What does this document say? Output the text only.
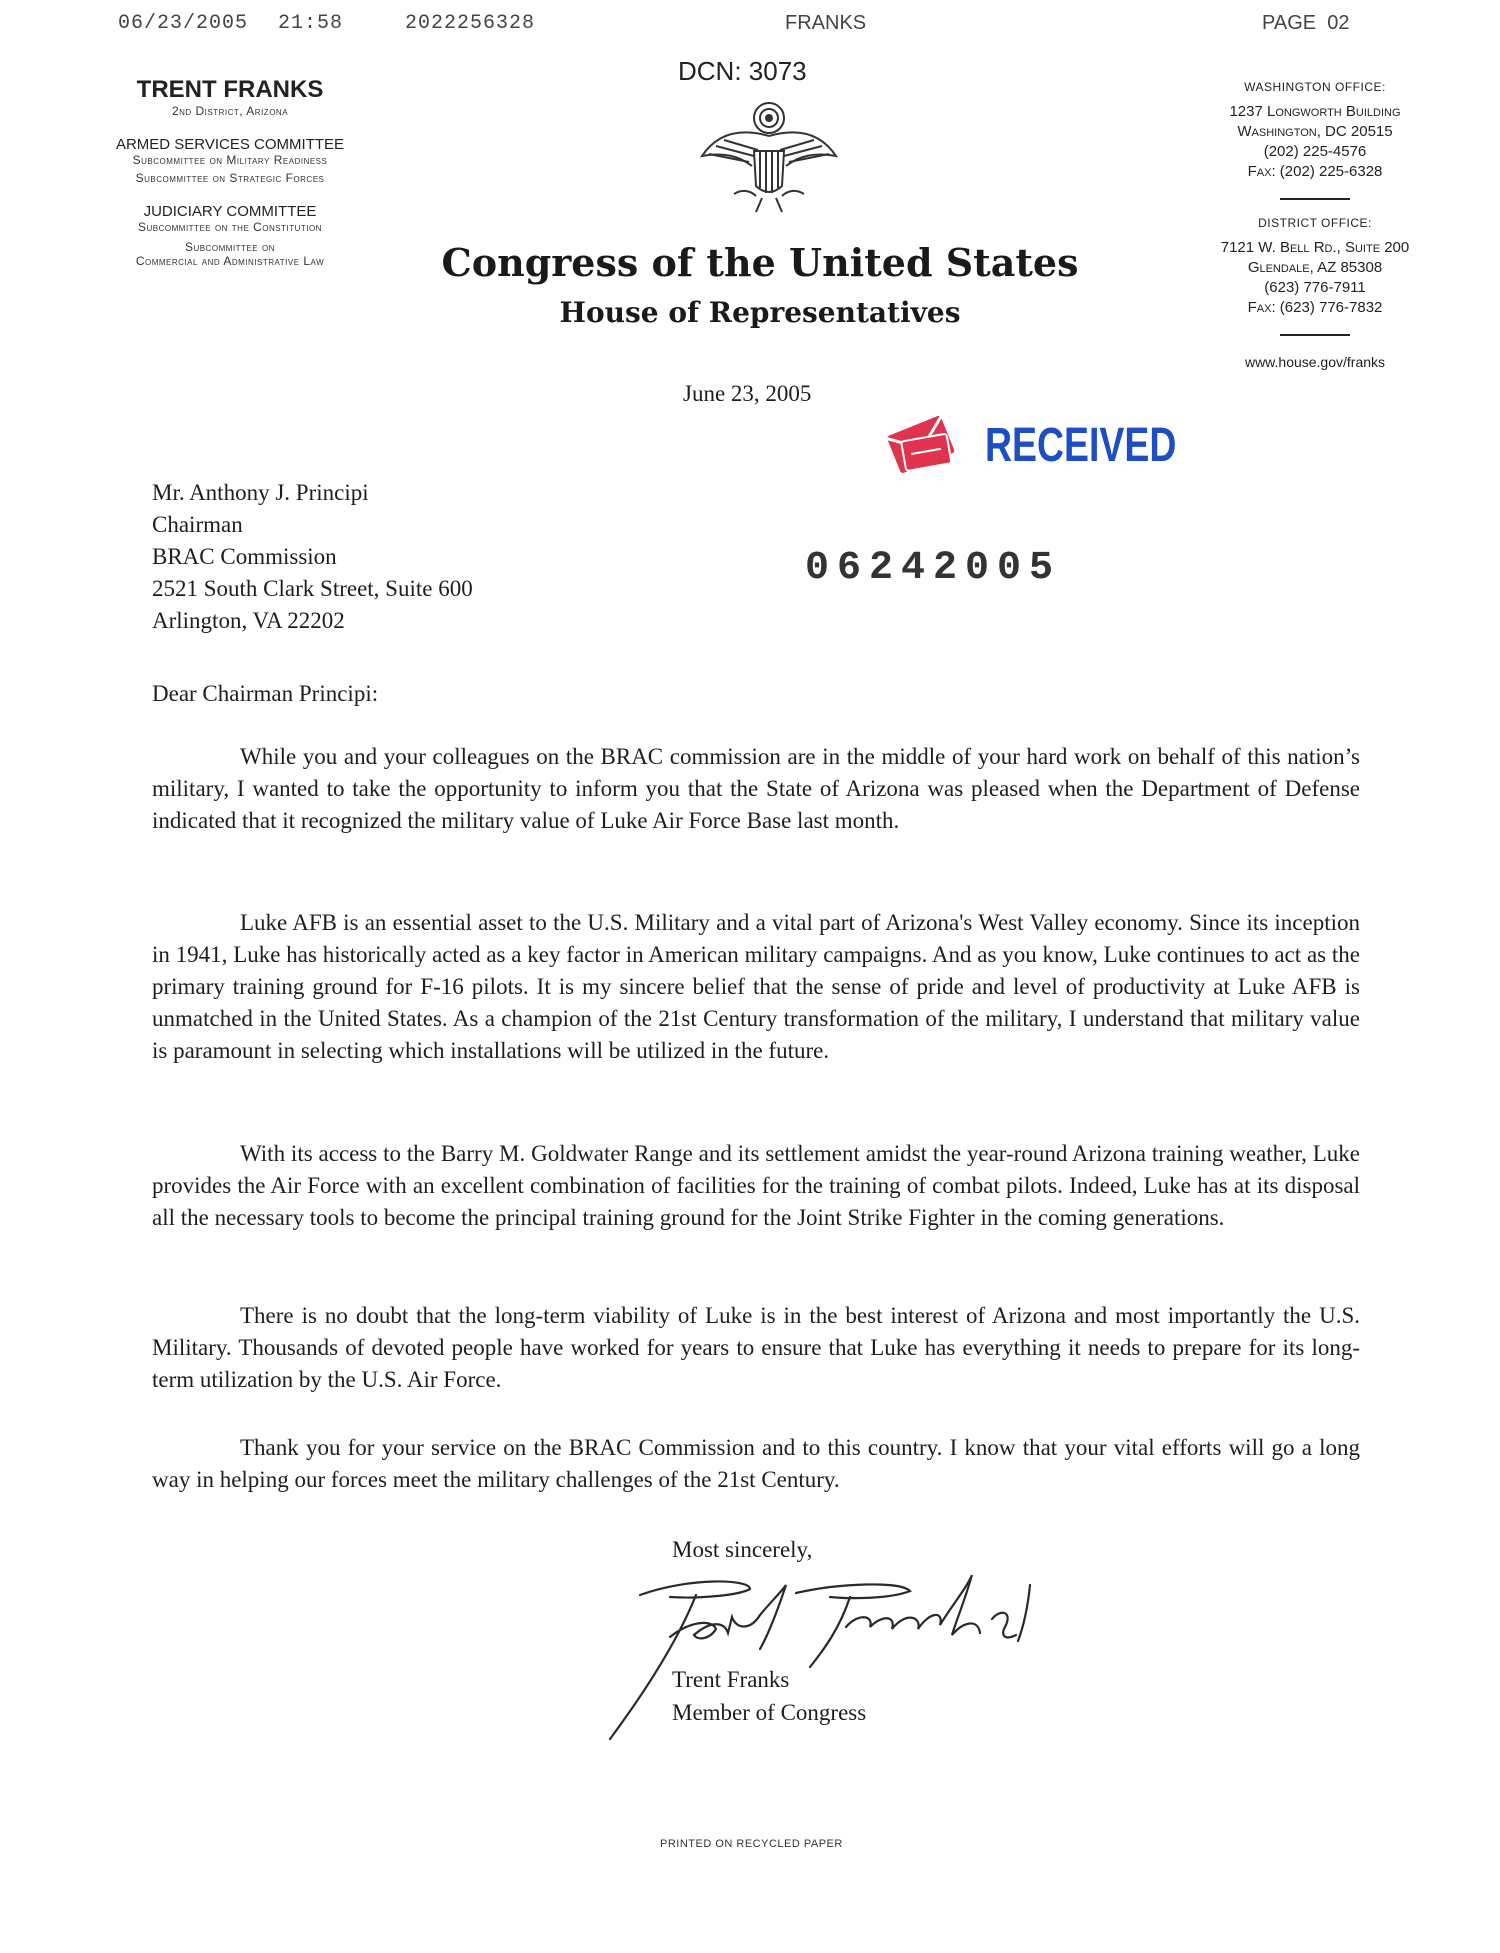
06/23/2005 21:58	2022256328	FRANKS	PAGE  02
DCN: 3073
TRENT FRANKS
2nd District, Arizona
ARMED SERVICES COMMITTEE
Subcommittee on Military Readiness
Subcommittee on Strategic Forces
JUDICIARY COMMITTEE
Subcommittee on the Constitution
Subcommittee on
Commercial and Administrative Law	Congress of the United States
House of Representatives
WASHINGTON OFFICE:
1237 Longworth Building
Washington, DC 20515
(202) 225-4576
Fax: (202) 225-6328
DISTRICT OFFICE:
7121 W. Bell Rd., Suite 200
Glendale, AZ 85308
(623) 776-7911
Fax: (623) 776-7832
www.house.gov/franks
June 23, 2005
RECEIVED
06242005
Mr. Anthony J. Principi
Chairman
BRAC Commission
2521 South Clark Street, Suite 600
Arlington, VA 22202
Dear Chairman Principi:
While you and your colleagues on the BRAC commission are in the middle of your hard work on behalf of this nation’s military, I wanted to take the opportunity to inform you that the State of Arizona was pleased when the Department of Defense indicated that it recognized the military value of Luke Air Force Base last month.
Luke AFB is an essential asset to the U.S. Military and a vital part of Arizona's West Valley economy. Since its inception in 1941, Luke has historically acted as a key factor in American military campaigns. And as you know, Luke continues to act as the primary training ground for F-16 pilots. It is my sincere belief that the sense of pride and level of productivity at Luke AFB is unmatched in the United States. As a champion of the 21st Century transformation of the military, I understand that military value is paramount in selecting which installations will be utilized in the future.
With its access to the Barry M. Goldwater Range and its settlement amidst the year-round Arizona training weather, Luke provides the Air Force with an excellent combination of facilities for the training of combat pilots. Indeed, Luke has at its disposal all the necessary tools to become the principal training ground for the Joint Strike Fighter in the coming generations.
There is no doubt that the long-term viability of Luke is in the best interest of Arizona and most importantly the U.S. Military. Thousands of devoted people have worked for years to ensure that Luke has everything it needs to prepare for its long-term utilization by the U.S. Air Force.
Thank you for your service on the BRAC Commission and to this country. I know that your vital efforts will go a long way in helping our forces meet the military challenges of the 21st Century.
Most sincerely,
Trent Franks
Member of Congress
PRINTED ON RECYCLED PAPER
